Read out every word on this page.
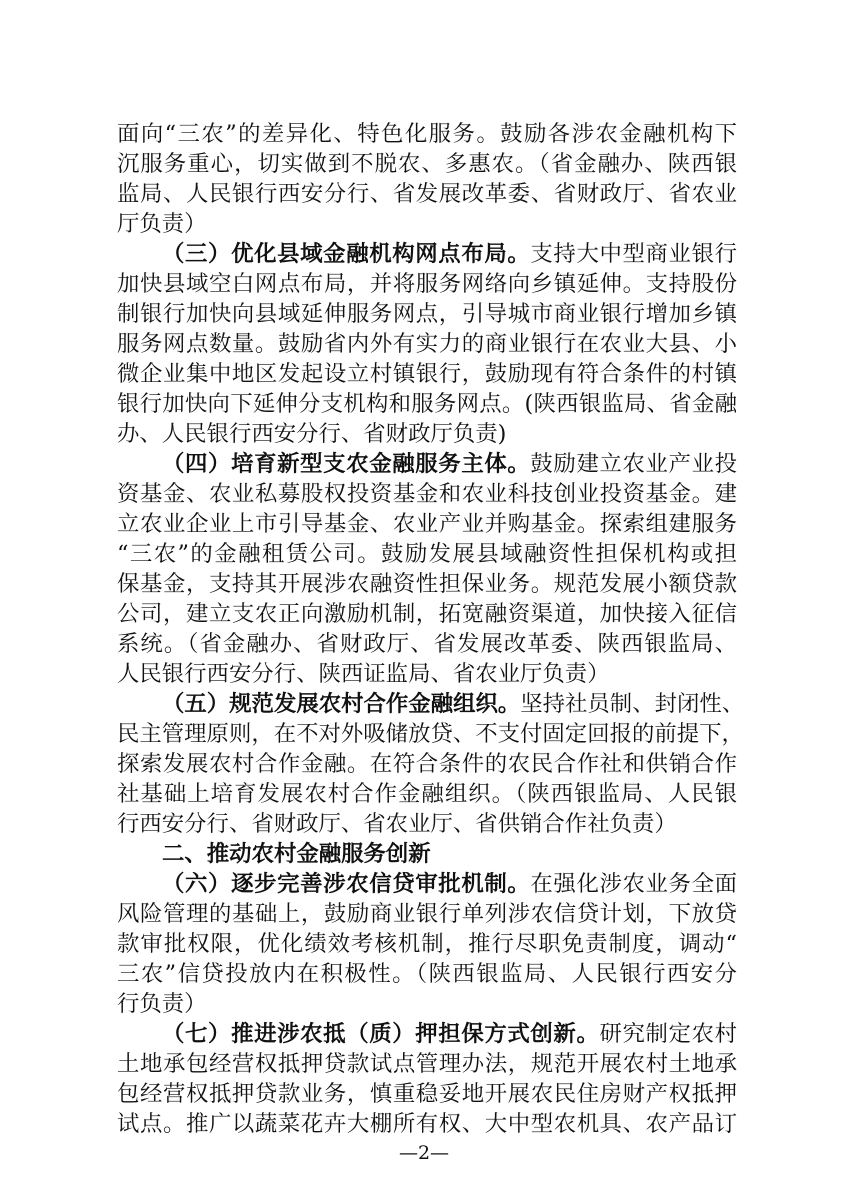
面向“三农”的差异化、特色化服务。鼓励各涉农金融机构下
沉服务重心，切实做到不脱农、多惠农。（省金融办、陕西银
监局、人民银行西安分行、省发展改革委、省财政厅、省农业
厅负责）
（三）优化县域金融机构网点布局。支持大中型商业银行
加快县域空白网点布局，并将服务网络向乡镇延伸。支持股份
制银行加快向县域延伸服务网点，引导城市商业银行增加乡镇
服务网点数量。鼓励省内外有实力的商业银行在农业大县、小
微企业集中地区发起设立村镇银行，鼓励现有符合条件的村镇
银行加快向下延伸分支机构和服务网点。(陕西银监局、省金融
办、人民银行西安分行、省财政厅负责)
（四）培育新型支农金融服务主体。鼓励建立农业产业投
资基金、农业私募股权投资基金和农业科技创业投资基金。建
立农业企业上市引导基金、农业产业并购基金。探索组建服务
“三农”的金融租赁公司。鼓励发展县域融资性担保机构或担
保基金，支持其开展涉农融资性担保业务。规范发展小额贷款
公司，建立支农正向激励机制，拓宽融资渠道，加快接入征信
系统。（省金融办、省财政厅、省发展改革委、陕西银监局、
人民银行西安分行、陕西证监局、省农业厅负责）
（五）规范发展农村合作金融组织。坚持社员制、封闭性、
民主管理原则，在不对外吸储放贷、不支付固定回报的前提下，
探索发展农村合作金融。在符合条件的农民合作社和供销合作
社基础上培育发展农村合作金融组织。（陕西银监局、人民银
行西安分行、省财政厅、省农业厅、省供销合作社负责）
二、推动农村金融服务创新
（六）逐步完善涉农信贷审批机制。在强化涉农业务全面
风险管理的基础上，鼓励商业银行单列涉农信贷计划，下放贷
款审批权限，优化绩效考核机制，推行尽职免责制度，调动“
三农”信贷投放内在积极性。（陕西银监局、人民银行西安分
行负责）
（七）推进涉农抵（质）押担保方式创新。研究制定农村
土地承包经营权抵押贷款试点管理办法，规范开展农村土地承
包经营权抵押贷款业务，慎重稳妥地开展农民住房财产权抵押
试点。推广以蔬菜花卉大棚所有权、大中型农机具、农产品订
—2—
